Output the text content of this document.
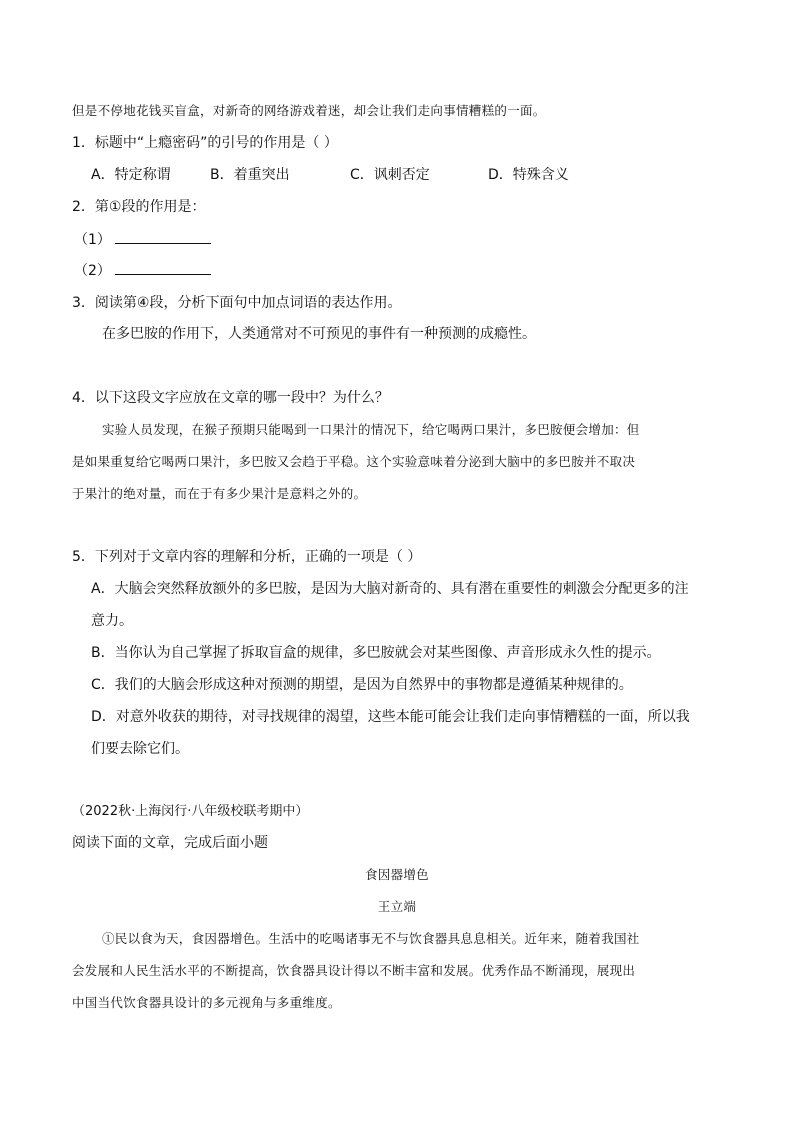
但是不停地花钱买盲盒，对新奇的网络游戏着迷，却会让我们走向事情糟糕的一面。
1．标题中“上瘾密码”的引号的作用是（ ）
A．特定称谓	B．着重突出	C．讽刺否定	D．特殊含义
2．第①段的作用是：
（1）
（2）
3．阅读第④段，分析下面句中加点词语的表达作用。
在多巴胺的作用下，人类通常对不可预见的事件有一种预测的成瘾性。
4．以下这段文字应放在文章的哪一段中？为什么？
实验人员发现，在猴子预期只能喝到一口果汁的情况下，给它喝两口果汁，多巴胺便会增加：但
是如果重复给它喝两口果汁，多巴胺又会趋于平稳。这个实验意味着分泌到大脑中的多巴胺并不取决
于果汁的绝对量，而在于有多少果汁是意料之外的。
5．下列对于文章内容的理解和分析，正确的一项是（ ）
A．大脑会突然释放额外的多巴胺，是因为大脑对新奇的、具有潜在重要性的刺激会分配更多的注
意力。
B．当你认为自己掌握了拆取盲盒的规律，多巴胺就会对某些图像、声音形成永久性的提示。
C．我们的大脑会形成这种对预测的期望，是因为自然界中的事物都是遵循某种规律的。
D．对意外收获的期待，对寻找规律的渴望，这些本能可能会让我们走向事情糟糕的一面，所以我
们要去除它们。
（2022秋·上海闵行·八年级校联考期中）
阅读下面的文章，完成后面小题
食因器增色
王立端
①民以食为天，食因器增色。生活中的吃喝诸事无不与饮食器具息息相关。近年来，随着我国社
会发展和人民生活水平的不断提高，饮食器具设计得以不断丰富和发展。优秀作品不断涌现，展现出
中国当代饮食器具设计的多元视角与多重维度。
